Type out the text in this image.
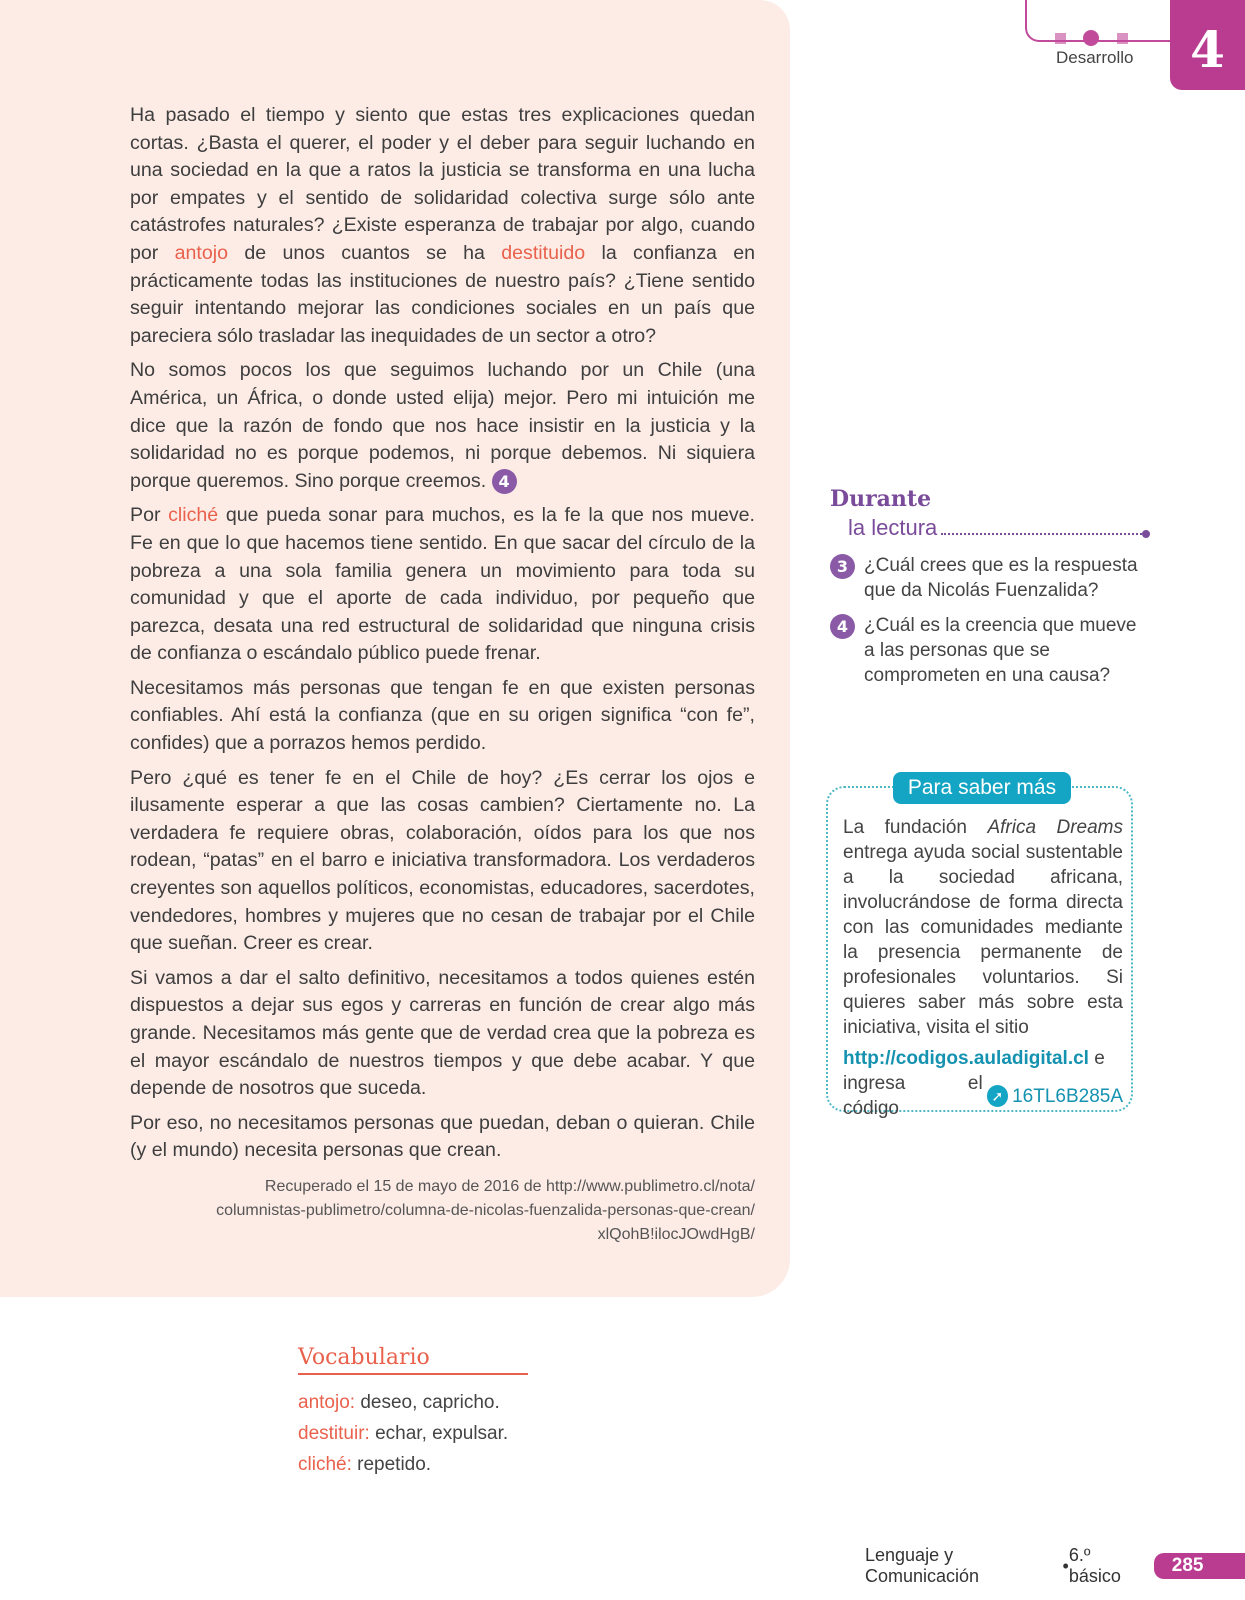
Desarrollo	4

Ha pasado el tiempo y siento que estas tres explicaciones quedan cortas. ¿Basta el querer, el poder y el deber para seguir luchando en una sociedad en la que a ratos la justicia se transforma en una lucha por empates y el sentido de solidaridad colectiva surge sólo ante catástrofes naturales? ¿Existe esperanza de trabajar por algo, cuando por antojo de unos cuantos se ha destituido la confianza en prácticamente todas las instituciones de nuestro país? ¿Tiene sentido seguir intentando mejorar las condiciones sociales en un país que pareciera sólo trasladar las inequidades de un sector a otro?

No somos pocos los que seguimos luchando por un Chile (una América, un África, o donde usted elija) mejor. Pero mi intuición me dice que la razón de fondo que nos hace insistir en la justicia y la solidaridad no es porque podemos, ni porque debemos. Ni siquiera porque queremos. Sino porque creemos. 4

Por cliché que pueda sonar para muchos, es la fe la que nos mueve. Fe en que lo que hacemos tiene sentido. En que sacar del círculo de la pobreza a una sola familia genera un movimiento para toda su comunidad y que el aporte de cada individuo, por pequeño que parezca, desata una red estructural de solidaridad que ninguna crisis de confianza o escándalo público puede frenar.

Necesitamos más personas que tengan fe en que existen personas confiables. Ahí está la confianza (que en su origen significa “con fe”, confides) que a porrazos hemos perdido.

Pero ¿qué es tener fe en el Chile de hoy? ¿Es cerrar los ojos e ilusamente esperar a que las cosas cambien? Ciertamente no. La verdadera fe requiere obras, colaboración, oídos para los que nos rodean, “patas” en el barro e iniciativa transformadora. Los verdaderos creyentes son aquellos políticos, economistas, educadores, sacerdotes, vendedores, hombres y mujeres que no cesan de trabajar por el Chile que sueñan. Creer es crear.

Si vamos a dar el salto definitivo, necesitamos a todos quienes estén dispuestos a dejar sus egos y carreras en función de crear algo más grande. Necesitamos más gente que de verdad crea que la pobreza es el mayor escándalo de nuestros tiempos y que debe acabar. Y que depende de nosotros que suceda.

Por eso, no necesitamos personas que puedan, deban o quieran. Chile (y el mundo) necesita personas que crean.

Recuperado el 15 de mayo de 2016 de http://www.publimetro.cl/nota/
columnistas-publimetro/columna-de-nicolas-fuenzalida-personas-que-crean/
xlQohB!ilocJOwdHgB/
Durante
la lectura
3 ¿Cuál crees que es la respuesta que da Nicolás Fuenzalida?
4 ¿Cuál es la creencia que mueve a las personas que se comprometen en una causa?
Para saber más
La fundación Africa Dreams entrega ayuda social sustentable a la sociedad africana, involucrándose de forma directa con las comunidades mediante la presencia permanente de profesionales voluntarios. Si quieres saber más sobre esta iniciativa, visita el sitio
http://codigos.auladigital.cl e
ingresa el código
➚ 16TL6B285A
Vocabulario
antojo: deseo, capricho.
destituir: echar, expulsar.
cliché: repetido.
Lenguaje y Comunicación
•
6.º básico	285
